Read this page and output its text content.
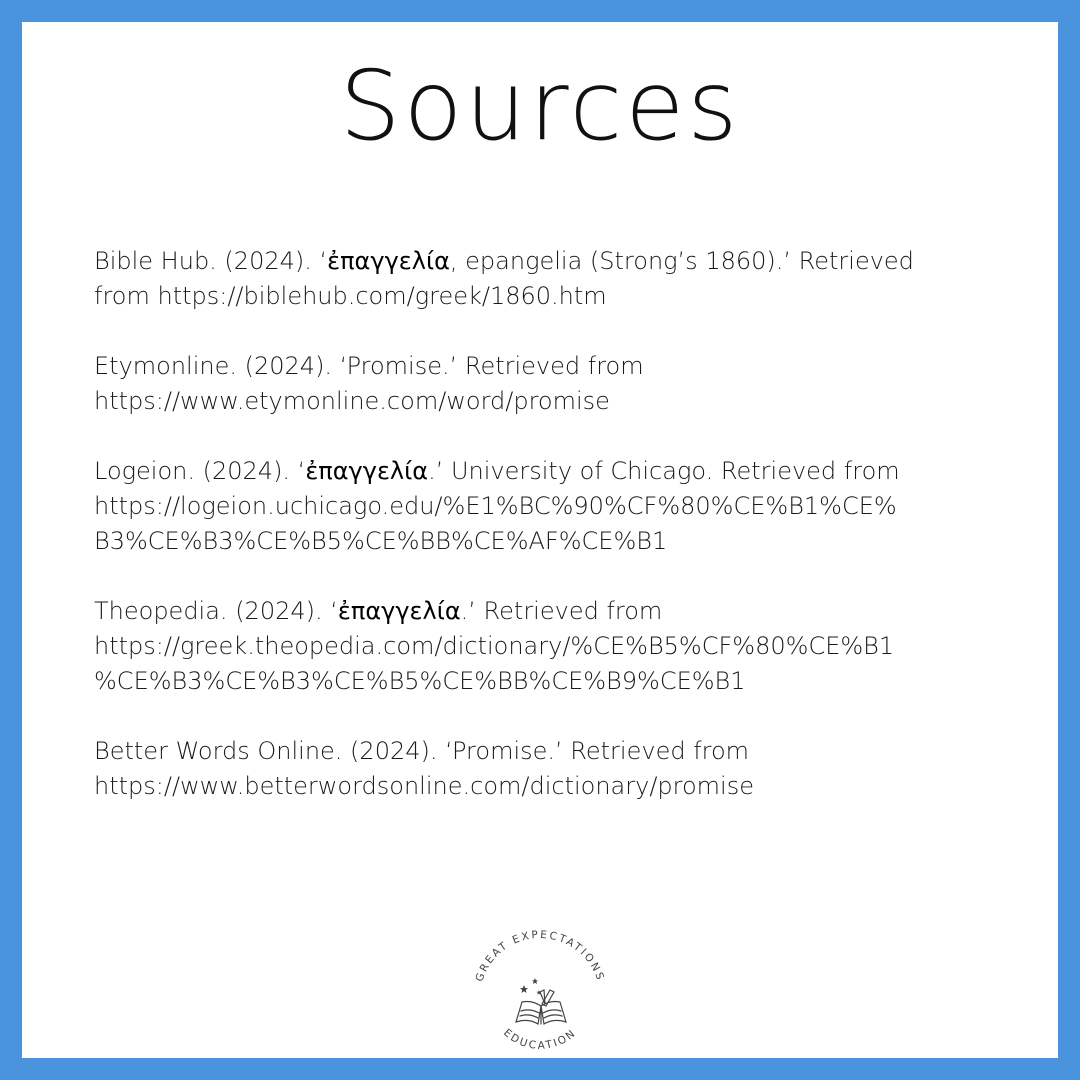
Sources
Bible Hub. (2024). ‘ἐπαγγελία, epangelia (Strong’s 1860).’ Retrieved
from https://biblehub.com/greek/1860.htm
Etymonline. (2024). ‘Promise.’ Retrieved from
https://www.etymonline.com/word/promise
Logeion. (2024). ‘ἐπαγγελία.’ University of Chicago. Retrieved from
https://logeion.uchicago.edu/%E1%BC%90%CF%80%CE%B1%CE%
B3%CE%B3%CE%B5%CE%BB%CE%AF%CE%B1
Theopedia. (2024). ‘ἐπαγγελία.’ Retrieved from
https://greek.theopedia.com/dictionary/%CE%B5%CF%80%CE%B1
%CE%B3%CE%B3%CE%B5%CE%BB%CE%B9%CE%B1
Better Words Online. (2024). ‘Promise.’ Retrieved from
https://www.betterwordsonline.com/dictionary/promise
GREAT EXPECTATIONS
EDUCATION
